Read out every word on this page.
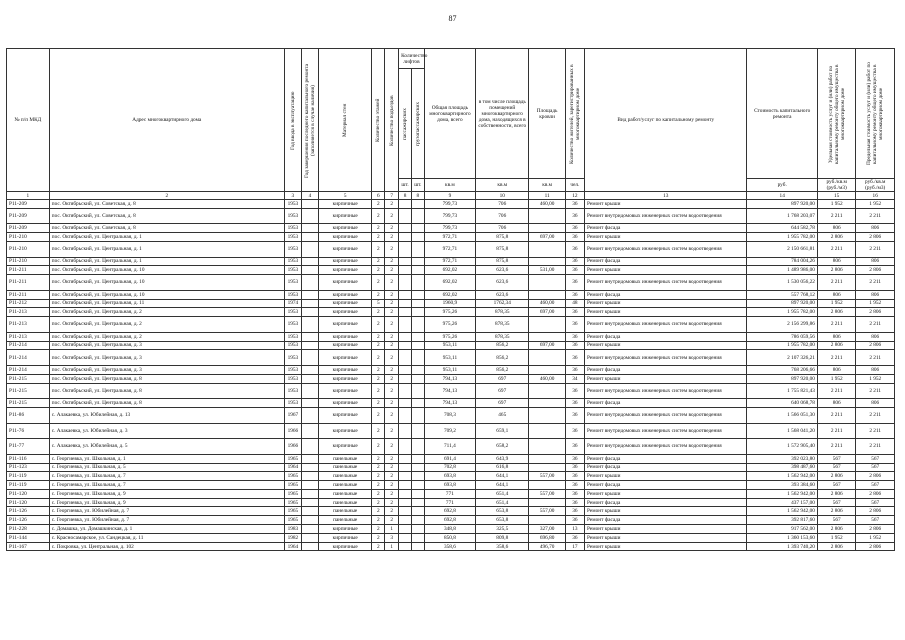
87
№ п/п МКД	Адрес многоквартирного дома	Год ввода в эксплуатацию	Год завершения последнего капитального ремонта (заполняется в случае наличия)	Материал стен	Количество этажей	Количество подъездов	Количество лифтов		Общая площадь многоквартирного дома, всего	в том числе площадь помещений многоквартирного дома, находящихся в собственности, всего	Площадь кровли	Количество жителей, зарегистрированных в многоквартирном доме	Вид работ/услуг по капитальному ремонту	Стоимость капитального ремонта	Удельная стоимость услуг и (или) работ по капитальному ремонту общего имущества в многоквартирном доме	Предельная стоимость услуг и (или) работ по капитальному ремонту общего имущества в многоквартирном доме

							пассажирских	грузопассажирских								

							шт.	шт.	кв.м	кв.м	кв.м	чел.		руб.	руб./кв.м (руб./м3)	руб./кв.м (руб./м3)
1	2	3	4	5	6	7	8	8	9	10	11	12	13	14	15	16
Р11-209	пос. Октябрьский, ул. Советская, д. 8	1953		кирпичные	2	2			799,73	706	460,00	36	Ремонт крыши	897 920,00	1 952	1 952
Р11-209	пос. Октябрьский, ул. Советская, д. 8	1953		кирпичные	2	2			799,73	706		36	Ремонт внутридомовых инженерных систем водоотведения	1 768 203,07	2 211	2 211
Р11-209	пос. Октябрьский, ул. Советская, д. 8	1953		кирпичные	2	2			799,73	706		36	Ремонт фасада	644 582,78	806	806
Р11-210	пос. Октябрьский, ул. Центральная, д. 1	1953		кирпичные	2	2			972,71	875,8	697,00	36	Ремонт крыши	1 955 782,00	2 806	2 806
Р11-210	пос. Октябрьский, ул. Центральная, д. 1	1953		кирпичные	2	2			972,71	875,8		36	Ремонт внутридомовых инженерных систем водоотведения	2 150 661,81	2 211	2 211
Р11-210	пос. Октябрьский, ул. Центральная, д. 1	1953		кирпичные	2	2			972,71	875,8		36	Ремонт фасада	784 004,26	806	806
Р11-211	пос. Октябрьский, ул. Центральная, д. 10	1953		кирпичные	2	2			692,02	623,6	531,00	36	Ремонт крыши	1 489 986,00	2 806	2 806
Р11-211	пос. Октябрьский, ул. Центральная, д. 10	1953		кирпичные	2	2			692,02	623,6		36	Ремонт внутридомовых инженерных систем водоотведения	1 530 056,22	2 211	2 211
Р11-211	пос. Октябрьский, ул. Центральная, д. 10	1953		кирпичные	2	2			692,02	623,6		36	Ремонт фасада	557 768,12	806	806
Р11-212	пос. Октябрьский, ул. Центральная, д. 11	1974		кирпичные	5	2			1960,9	1762,34	460,00	48	Ремонт крыши	897 920,00	1 952	1 952
Р11-213	пос. Октябрьский, ул. Центральная, д. 2	1953		кирпичные	2	2			975,26	878,35	697,00	36	Ремонт крыши	1 955 782,00	2 806	2 806
Р11-213	пос. Октябрьский, ул. Центральная, д. 2	1953		кирпичные	2	2			975,26	878,35		36	Ремонт внутридомовых инженерных систем водоотведения	2 156 299,86	2 211	2 211
Р11-213	пос. Октябрьский, ул. Центральная, д. 2	1953		кирпичные	2	2			975,26	878,35		36	Ремонт фасада	786 059,56	806	806
Р11-214	пос. Октябрьский, ул. Центральная, д. 3	1953		кирпичные	2	2			953,11	856,2	697,00	36	Ремонт крыши	1 955 782,00	2 806	2 806
Р11-214	пос. Октябрьский, ул. Центральная, д. 3	1953		кирпичные	2	2			953,11	856,2		36	Ремонт внутридомовых инженерных систем водоотведения	2 107 326,21	2 211	2 211
Р11-214	пос. Октябрьский, ул. Центральная, д. 3	1953		кирпичные	2	2			953,11	856,2		36	Ремонт фасада	768 206,66	806	806
Р11-215	пос. Октябрьский, ул. Центральная, д. 8	1953		кирпичные	2	2			794,13	697	460,00	34	Ремонт крыши	897 920,00	1 952	1 952
Р11-215	пос. Октябрьский, ул. Центральная, д. 8	1953		кирпичные	2	2			794,13	697		36	Ремонт внутридомовых инженерных систем водоотведения	1 755 821,43	2 211	2 211
Р11-215	пос. Октябрьский, ул. Центральная, д. 8	1953		кирпичные	2	2			794,13	697		36	Ремонт фасада	640 068,78	806	806
Р11-86	с. Алакаевка, ул. Юбилейная, д. 13	1967		кирпичные	2	2			708,3	465		36	Ремонт внутридомовых инженерных систем водоотведения	1 566 051,30	2 211	2 211
Р11-76	с. Алакаевка, ул. Юбилейная, д. 3	1966		кирпичные	2	2			709,2	659,1		36	Ремонт внутридомовых инженерных систем водоотведения	1 568 041,20	2 211	2 211
Р11-77	с. Алакаевка, ул. Юбилейная, д. 5	1966		кирпичные	2	2			711,4	658,2		36	Ремонт внутридомовых инженерных систем водоотведения	1 572 905,40	2 211	2 211
Р11-116	с. Георгиевка, ул. Школьная, д. 1	1965		панельные	2	2			691,4	643,9		36	Ремонт фасада	392 023,80	567	567
Р11-123	с. Георгиевка, ул. Школьная, д. 5	1964		панельные	2	2			702,8	616,8		36	Ремонт фасада	398 487,60	567	567
Р11-119	с. Георгиевка, ул. Школьная, д. 7	1965		панельные	2	2			693,8	644,1	557,00	36	Ремонт крыши	1 562 942,00	2 806	2 806
Р11-119	с. Георгиевка, ул. Школьная, д. 7	1965		панельные	2	2			693,8	644,1		36	Ремонт фасада	393 384,60	567	567
Р11-120	с. Георгиевка, ул. Школьная, д. 9	1965		панельные	2	2			771	651,4	557,00	36	Ремонт крыши	1 562 942,00	2 806	2 806
Р11-120	с. Георгиевка, ул. Школьная, д. 9	1965		панельные	2	2			771	651,4		36	Ремонт фасада	437 157,00	567	567
Р11-126	с. Георгиевка, ул. Юбилейная, д. 7	1965		панельные	2	2			692,8	653,8	557,00	36	Ремонт крыши	1 562 942,00	2 806	2 806
Р11-126	с. Георгиевка, ул. Юбилейная, д. 7	1965		панельные	2	2			692,8	653,8		36	Ремонт фасада	392 817,60	567	567
Р11-228	с. Домашка, ул. Домашкинская, д. 1	1983		кирпичные	2	1			348,8	325,5	327,00	13	Ремонт крыши	917 562,00	2 806	2 806
Р11-144	с. Красносамарское, ул. Сандецкая, д. 11	1982		кирпичные	2	3			850,8	809,8	696,80	36	Ремонт крыши	1 360 153,60	1 952	1 952
Р11-167	с. Покровка, ул. Центральная, д. 102	1964		кирпичные	2	1			358,6	358,6	496,70	17	Ремонт крыши	1 393 740,20	2 806	2 806
